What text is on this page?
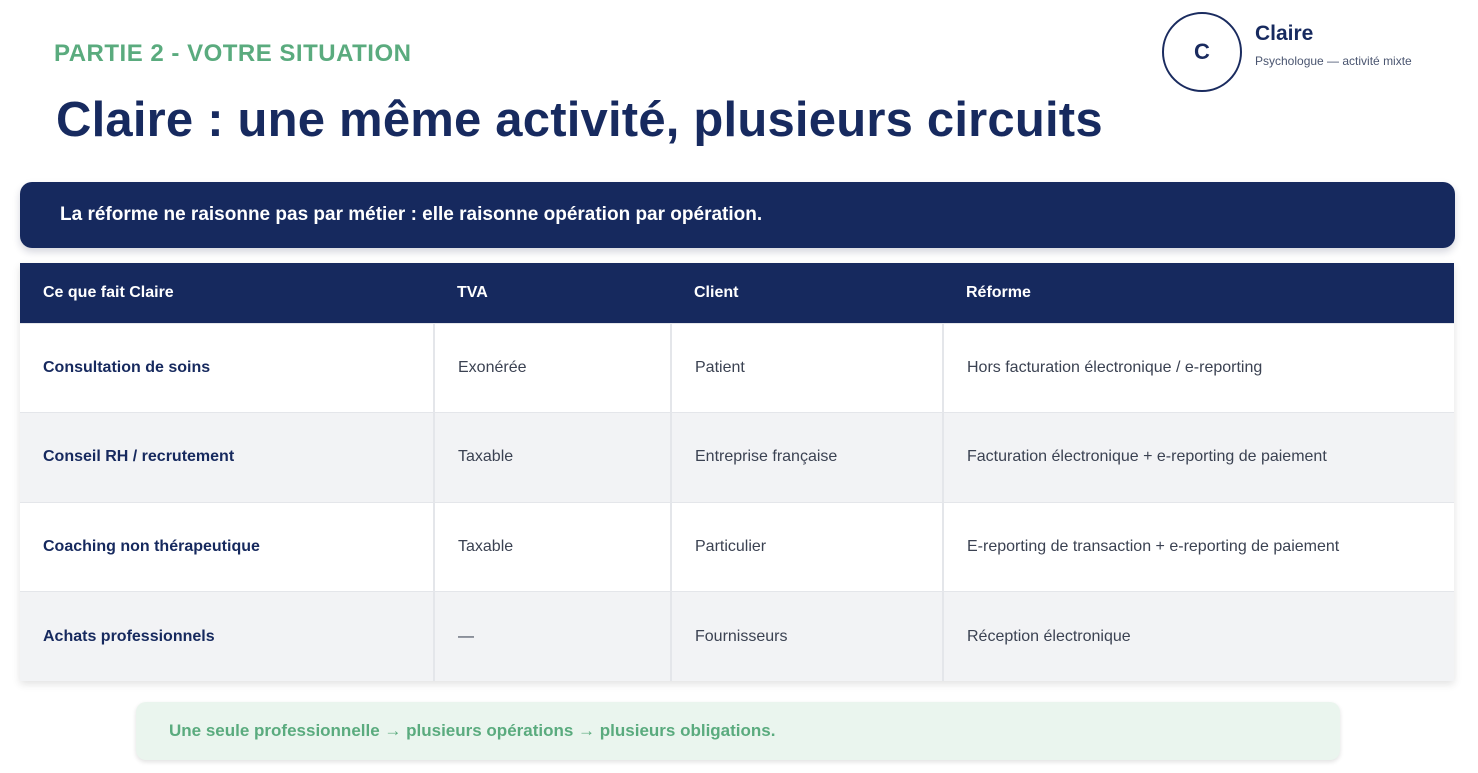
PARTIE 2 - VOTRE SITUATION
Claire : une même activité, plusieurs circuits
C
Claire
Psychologue — activité mixte
La réforme ne raisonne pas par métier : elle raisonne opération par opération.
Ce que fait Claire	TVA	Client	Réforme
Consultation de soins	Exonérée	Patient	Hors facturation électronique / e-reporting
Conseil RH / recrutement	Taxable	Entreprise française	Facturation électronique + e-reporting de paiement
Coaching non thérapeutique	Taxable	Particulier	E-reporting de transaction + e-reporting de paiement
Achats professionnels	—	Fournisseurs	Réception électronique
Une seule professionnelle → plusieurs opérations → plusieurs obligations.
